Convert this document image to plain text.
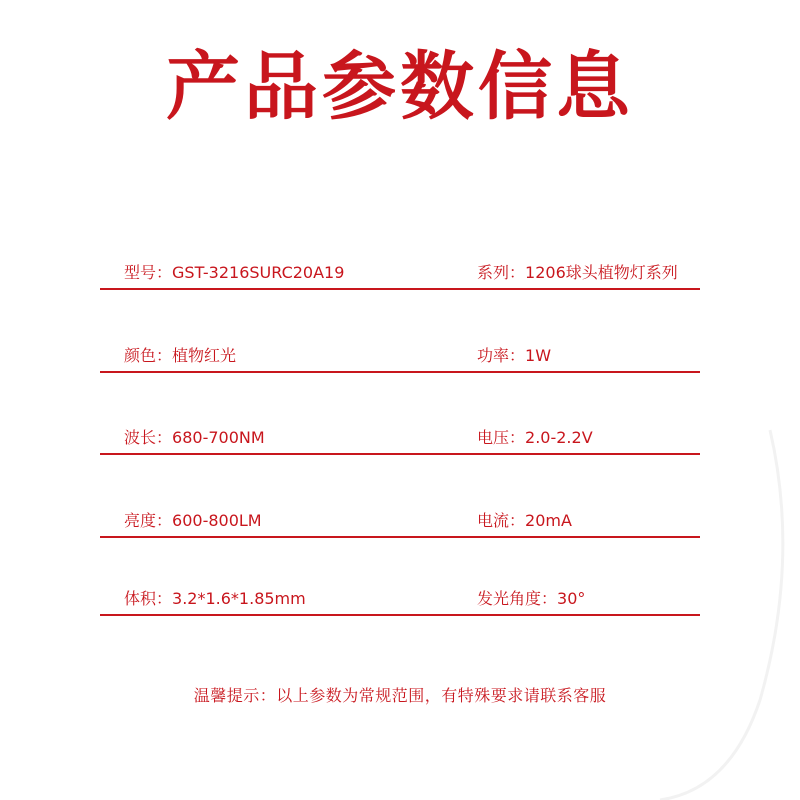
产品参数信息
型号：GST-3216SURC20A19	系列：1206球头植物灯系列
颜色：植物红光	功率：1W
波长：680-700NM	电压：2.0-2.2V
亮度：600-800LM	电流：20mA
体积：3.2*1.6*1.85mm	发光角度：30°
温馨提示：以上参数为常规范围，有特殊要求请联系客服
